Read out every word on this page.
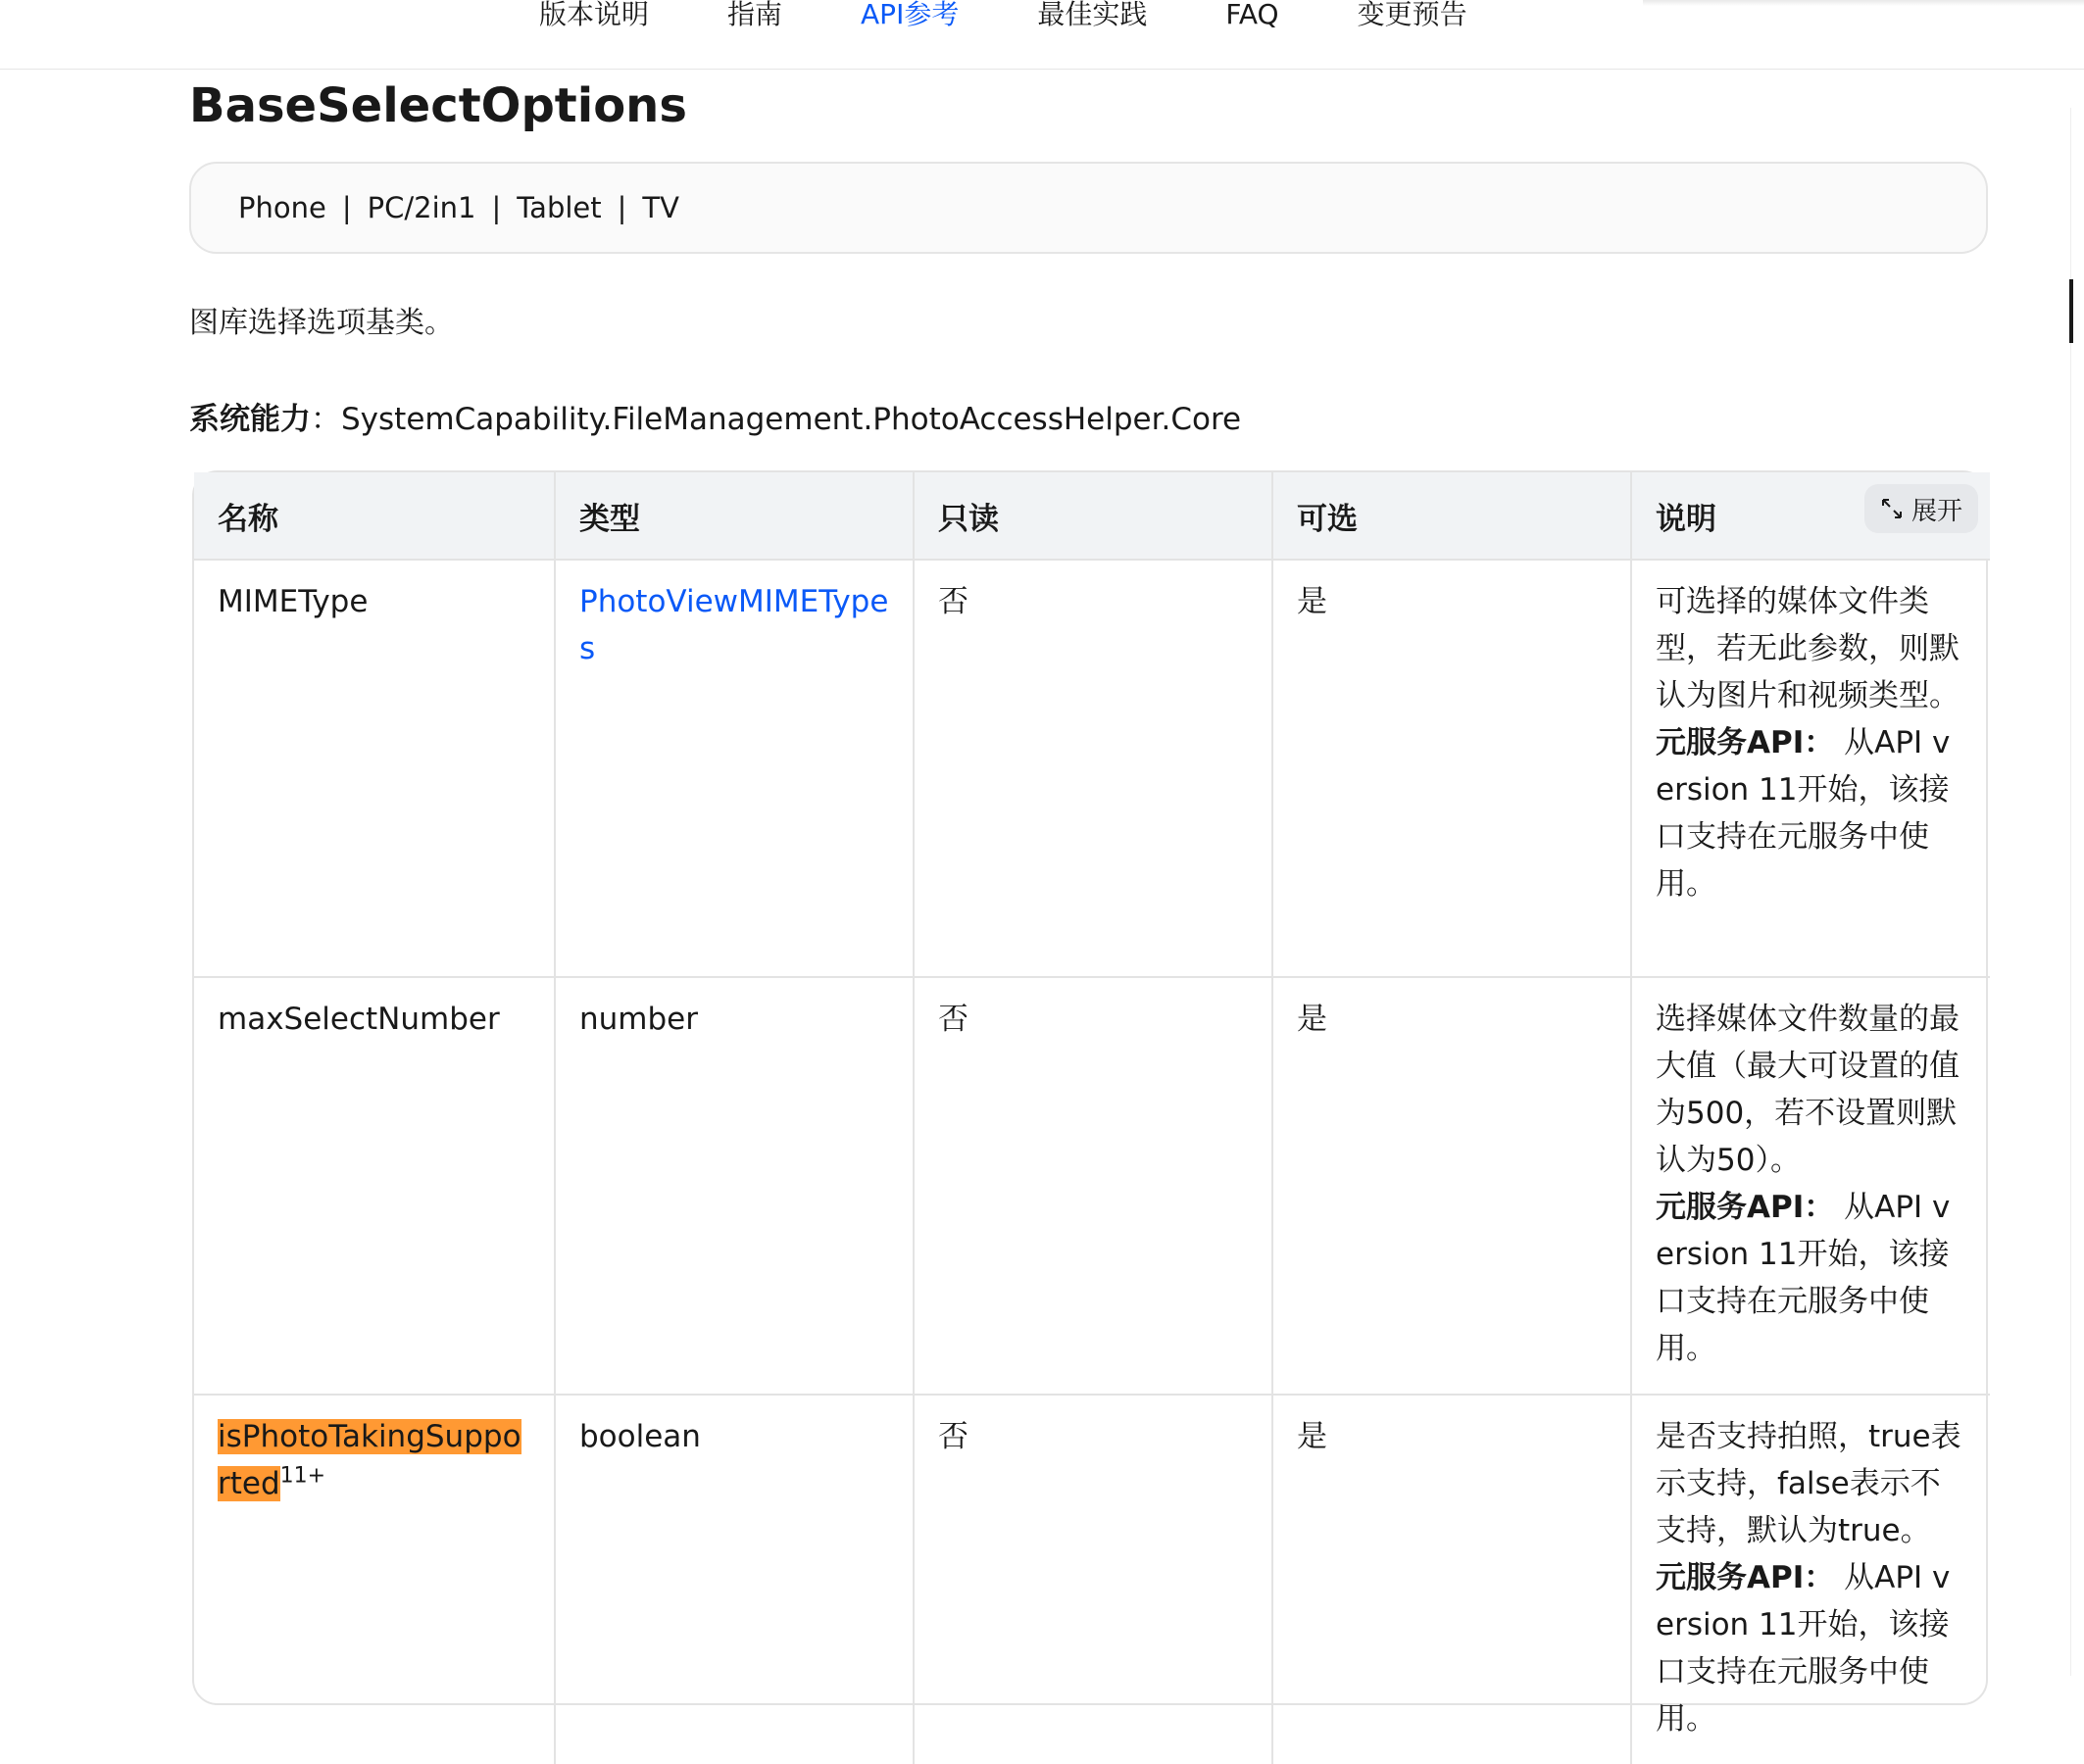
版本说明	指南	API参考	最佳实践	FAQ	变更预告
BaseSelectOptions
Phone | PC/2in1 | Tablet | TV

图库选择选项基类。

系统能力：SystemCapability.FileManagement.PhotoAccessHelper.Core

名称	类型	只读	可选	说明 展开

MIMEType	PhotoViewMIMETypes	否	是	可选择的媒体文件类型，若无此参数，则默认为图片和视频类型。
元服务API： 从API version 11开始，该接口支持在元服务中使用。
maxSelectNumber	number	否	是	选择媒体文件数量的最大值（最大可设置的值为500，若不设置则默认为50）。
元服务API： 从API version 11开始，该接口支持在元服务中使用。
isPhotoTakingSupported$^{11+}$	boolean	否	是	是否支持拍照，true表示支持，false表示不支持，默认为true。
元服务API： 从API version 11开始，该接口支持在元服务中使用。
